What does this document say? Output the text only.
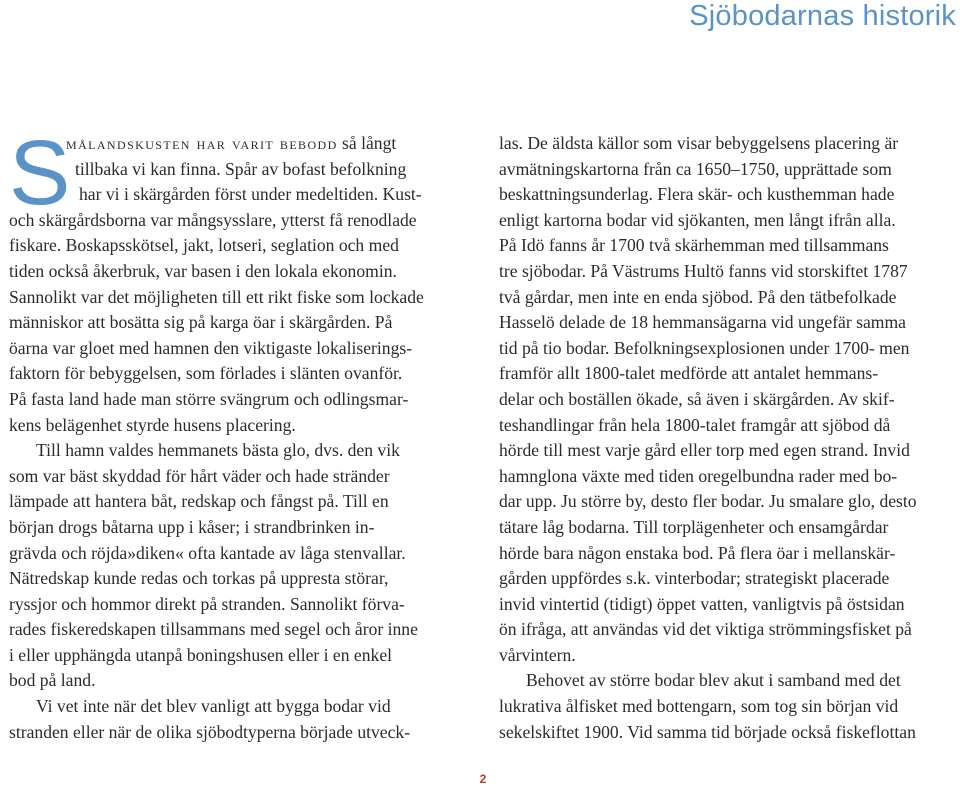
Sjöbodarnas historik
S
målandskusten har varit bebodd så långt
tillbaka vi kan finna. Spår av bofast befolkning
har vi i skärgården först under medeltiden. Kust-
och skärgårdsborna var mångsysslare, ytterst få renodlade
fiskare. Boskapsskötsel, jakt, lotseri, seglation och med
tiden också åkerbruk, var basen i den lokala ekonomin.
Sannolikt var det möjligheten till ett rikt fiske som lockade
människor att bosätta sig på karga öar i skärgården. På
öarna var gloet med hamnen den viktigaste lokaliserings-
faktorn för bebyggelsen, som förlades i slänten ovanför.
På fasta land hade man större svängrum och odlingsmar-
kens belägenhet styrde husens placering.
Till hamn valdes hemmanets bästa glo, dvs. den vik
som var bäst skyddad för hårt väder och hade stränder
lämpade att hantera båt, redskap och fångst på. Till en
början drogs båtarna upp i kåser; i strandbrinken in-
grävda och röjda»diken« ofta kantade av låga stenvallar.
Nätredskap kunde redas och torkas på uppresta störar,
ryssjor och hommor direkt på stranden. Sannolikt förva-
rades fiskeredskapen tillsammans med segel och åror inne
i eller upphängda utanpå boningshusen eller i en enkel
bod på land.
Vi vet inte när det blev vanligt att bygga bodar vid
stranden eller när de olika sjöbodtyperna började utveck-
las. De äldsta källor som visar bebyggelsens placering är
avmätningskartorna från ca 1650–1750, upprättade som
beskattningsunderlag. Flera skär- och kusthemman hade
enligt kartorna bodar vid sjökanten, men långt ifrån alla.
På Idö fanns år 1700 två skärhemman med tillsammans
tre sjöbodar. På Västrums Hultö fanns vid storskiftet 1787
två gårdar, men inte en enda sjöbod. På den tätbefolkade
Hasselö delade de 18 hemmansägarna vid ungefär samma
tid på tio bodar. Befolkningsexplosionen under 1700- men
framför allt 1800-talet medförde att antalet hemmans-
delar och boställen ökade, så även i skärgården. Av skif-
teshandlingar från hela 1800-talet framgår att sjöbod då
hörde till mest varje gård eller torp med egen strand. Invid
hamnglona växte med tiden oregelbundna rader med bo-
dar upp. Ju större by, desto fler bodar. Ju smalare glo, desto
tätare låg bodarna. Till torplägenheter och ensamgårdar
hörde bara någon enstaka bod. På flera öar i mellanskär-
gården uppfördes s.k. vinterbodar; strategiskt placerade
invid vintertid (tidigt) öppet vatten, vanligtvis på östsidan
ön ifråga, att användas vid det viktiga strömmingsfisket på
vårvintern.
Behovet av större bodar blev akut i samband med det
lukrativa ålfisket med bottengarn, som tog sin början vid
sekelskiftet 1900. Vid samma tid började också fiskeflottan
2
